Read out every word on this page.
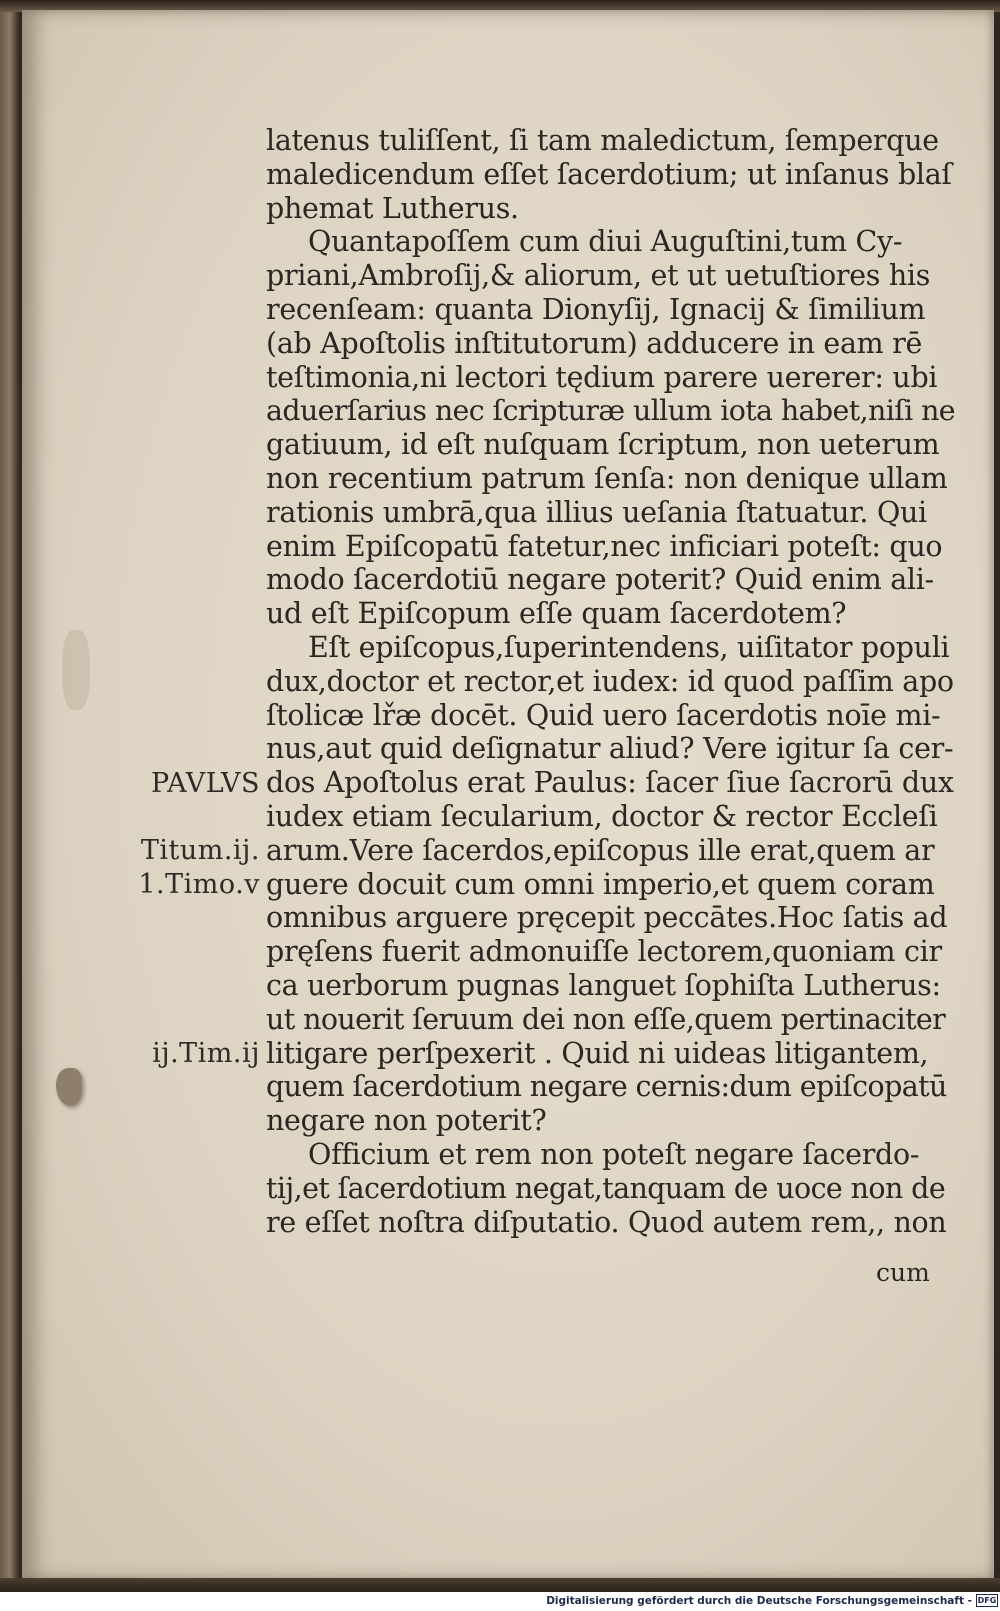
latenus tuliſſent, ſi tam maledictum, ſemperque
maledicendum eſſet ſacerdotium; ut inſanus blaſ
phemat Lutherus.
Quantapoſſem cum diui Auguſtini,tum Cy-
priani,Ambroſij,& aliorum, et ut uetuſtiores his
recenſeam: quanta Dionyſij, Ignacij & ſimilium
(ab Apoſtolis inſtitutorum) adducere in eam rē
teſtimonia,ni lectori tędium parere uererer: ubi
aduerſarius nec ſcripturæ ullum iota habet,niſi ne
gatiuum, id eſt nuſquam ſcriptum, non ueterum
non recentium patrum ſenſa: non denique ullam
rationis umbrā,qua illius ueſania ſtatuatur. Qui
enim Epiſcopatū fatetur,nec inficiari poteſt: quo
modo ſacerdotiū negare poterit? Quid enim ali-
ud eſt Epiſcopum eſſe quam ſacerdotem?
Eſt epiſcopus,ſuperintendens, uiſitator populi
dux,doctor et rector,et iudex: id quod paſſim apo
ſtolicæ lřæ docēt. Quid uero ſacerdotis noīe mi-
nus,aut quid deſignatur aliud? Vere igitur ſa cer-
dos Apoſtolus erat Paulus: ſacer ſiue ſacrorū dux
iudex etiam ſecularium, doctor & rector Eccleſi
arum.Vere ſacerdos,epiſcopus ille erat,quem ar
guere docuit cum omni imperio,et quem coram
omnibus arguere pręcepit peccātes.Hoc ſatis ad
pręſens fuerit admonuiſſe lectorem,quoniam cir
ca uerborum pugnas languet ſophiſta Lutherus:
ut nouerit ſeruum dei non eſſe,quem pertinaciter
litigare perſpexerit . Quid ni uideas litigantem,
quem ſacerdotium negare cernis:dum epiſcopatū
negare non poterit?
Officium et rem non poteſt negare ſacerdo-
tij,et ſacerdotium negat,tanquam de uoce non de
re eſſet noſtra diſputatio. Quod autem rem,, non
cum
PAVLVS
Titum.ij.
1.Timo.v
ij.Tim.ij
Digitalisierung gefördert durch die Deutsche Forschungsgemeinschaft - DFG
